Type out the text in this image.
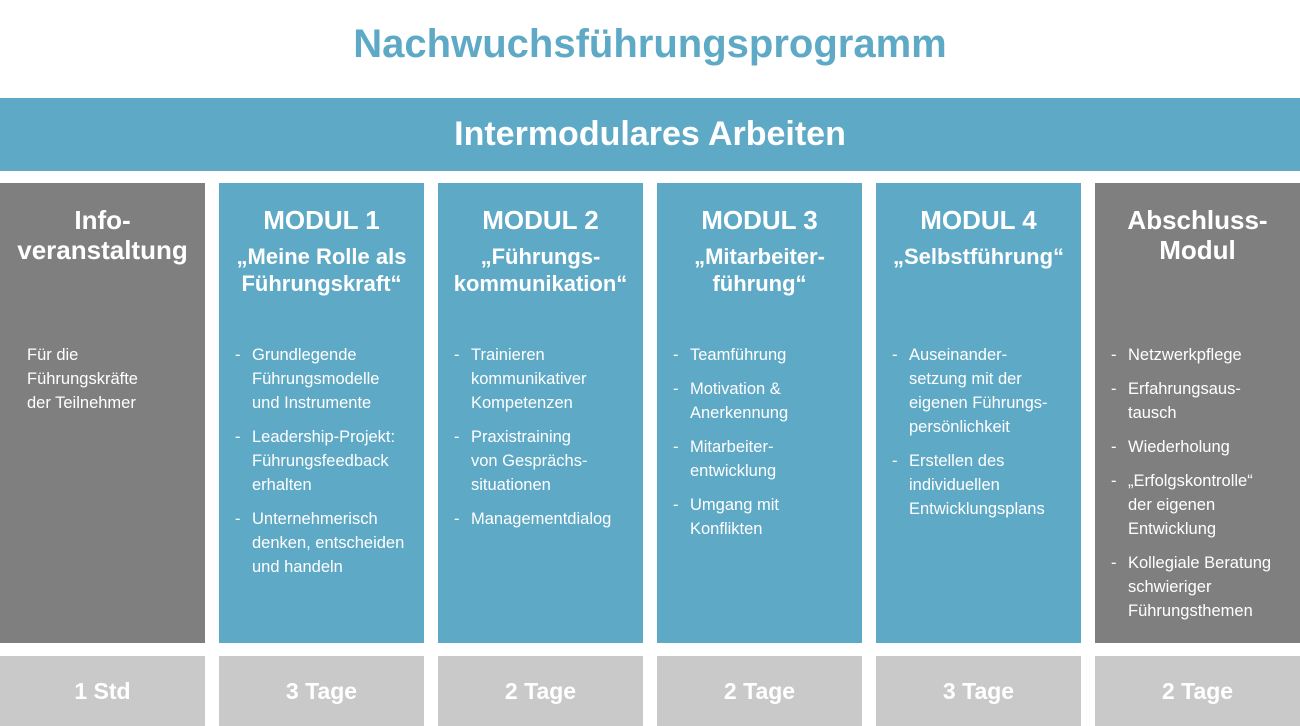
Nachwuchsführungsprogramm
Intermodulares Arbeiten
Info-
veranstaltung
Für die
Führungskräfte
der Teilnehmer
MODUL 1
„Meine Rolle als
Führungskraft“
- Grundlegende
Führungsmodelle
und Instrumente
- Leadership-Projekt:
Führungsfeedback
erhalten
- Unternehmerisch
denken, entscheiden
und handeln
MODUL 2
„Führungs-
kommunikation“
- Trainieren
kommunikativer
Kompetenzen
- Praxistraining
von Gesprächs-
situationen
- Managementdialog
MODUL 3
„Mitarbeiter-
führung“
- Teamführung
- Motivation &
Anerkennung
- Mitarbeiter-
entwicklung
- Umgang mit
Konflikten
MODUL 4
„Selbstführung“
- Auseinander-
setzung mit der
eigenen Führungs-
persönlichkeit
- Erstellen des
individuellen
Entwicklungsplans
Abschluss-
Modul
- Netzwerkpflege
- Erfahrungsaus-
tausch
- Wiederholung
- „Erfolgskontrolle“
der eigenen
Entwicklung
- Kollegiale Beratung
schwieriger
Führungsthemen
1 Std	3 Tage	2 Tage	2 Tage	3 Tage	2 Tage
